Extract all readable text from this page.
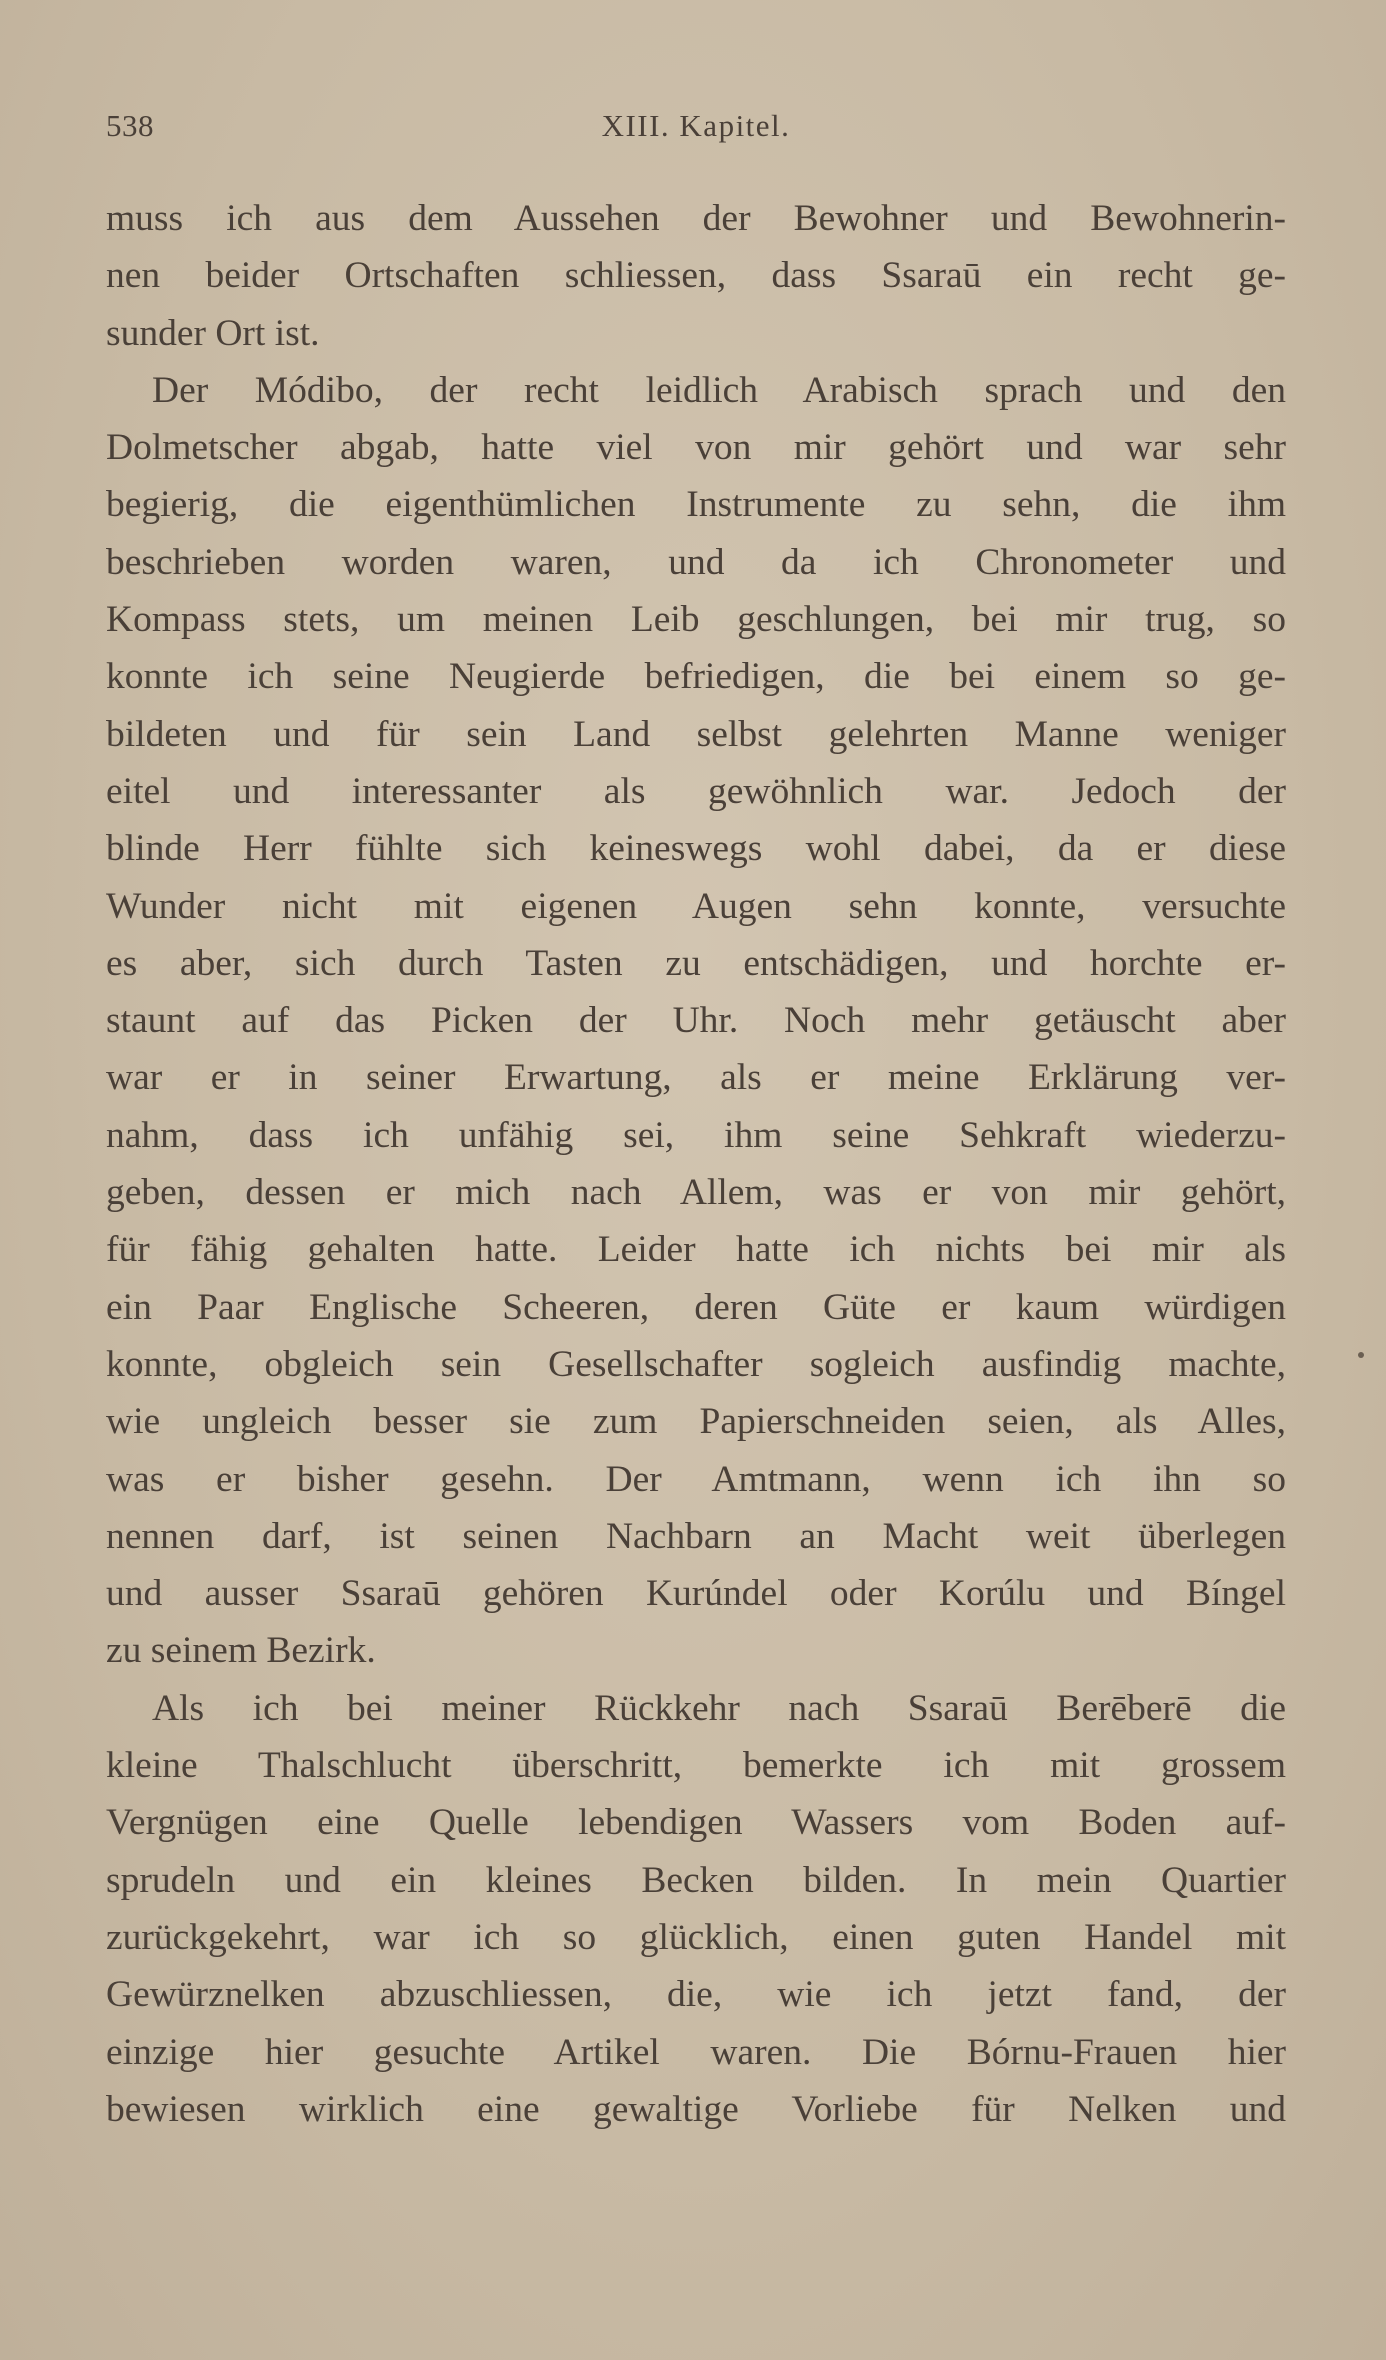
538	XIII. Kapitel.
muss ich aus dem Aussehen der Bewohner und Bewohnerin-
nen beider Ortschaften schliessen, dass Ssaraū ein recht ge-
sunder Ort ist.
Der Módibo, der recht leidlich Arabisch sprach und den
Dolmetscher abgab, hatte viel von mir gehört und war sehr
begierig, die eigenthümlichen Instrumente zu sehn, die ihm
beschrieben worden waren, und da ich Chronometer und
Kompass stets, um meinen Leib geschlungen, bei mir trug, so
konnte ich seine Neugierde befriedigen, die bei einem so ge-
bildeten und für sein Land selbst gelehrten Manne weniger
eitel und interessanter als gewöhnlich war. Jedoch der
blinde Herr fühlte sich keineswegs wohl dabei, da er diese
Wunder nicht mit eigenen Augen sehn konnte, versuchte
es aber, sich durch Tasten zu entschädigen, und horchte er-
staunt auf das Picken der Uhr. Noch mehr getäuscht aber
war er in seiner Erwartung, als er meine Erklärung ver-
nahm, dass ich unfähig sei, ihm seine Sehkraft wiederzu-
geben, dessen er mich nach Allem, was er von mir gehört,
für fähig gehalten hatte. Leider hatte ich nichts bei mir als
ein Paar Englische Scheeren, deren Güte er kaum würdigen
konnte, obgleich sein Gesellschafter sogleich ausfindig machte,
wie ungleich besser sie zum Papierschneiden seien, als Alles,
was er bisher gesehn. Der Amtmann, wenn ich ihn so
nennen darf, ist seinen Nachbarn an Macht weit überlegen
und ausser Ssaraū gehören Kurúndel oder Korúlu und Bíngel
zu seinem Bezirk.
Als ich bei meiner Rückkehr nach Ssaraū Berēberē die
kleine Thalschlucht überschritt, bemerkte ich mit grossem
Vergnügen eine Quelle lebendigen Wassers vom Boden auf-
sprudeln und ein kleines Becken bilden. In mein Quartier
zurückgekehrt, war ich so glücklich, einen guten Handel mit
Gewürznelken abzuschliessen, die, wie ich jetzt fand, der
einzige hier gesuchte Artikel waren. Die Bórnu-Frauen hier
bewiesen wirklich eine gewaltige Vorliebe für Nelken und
